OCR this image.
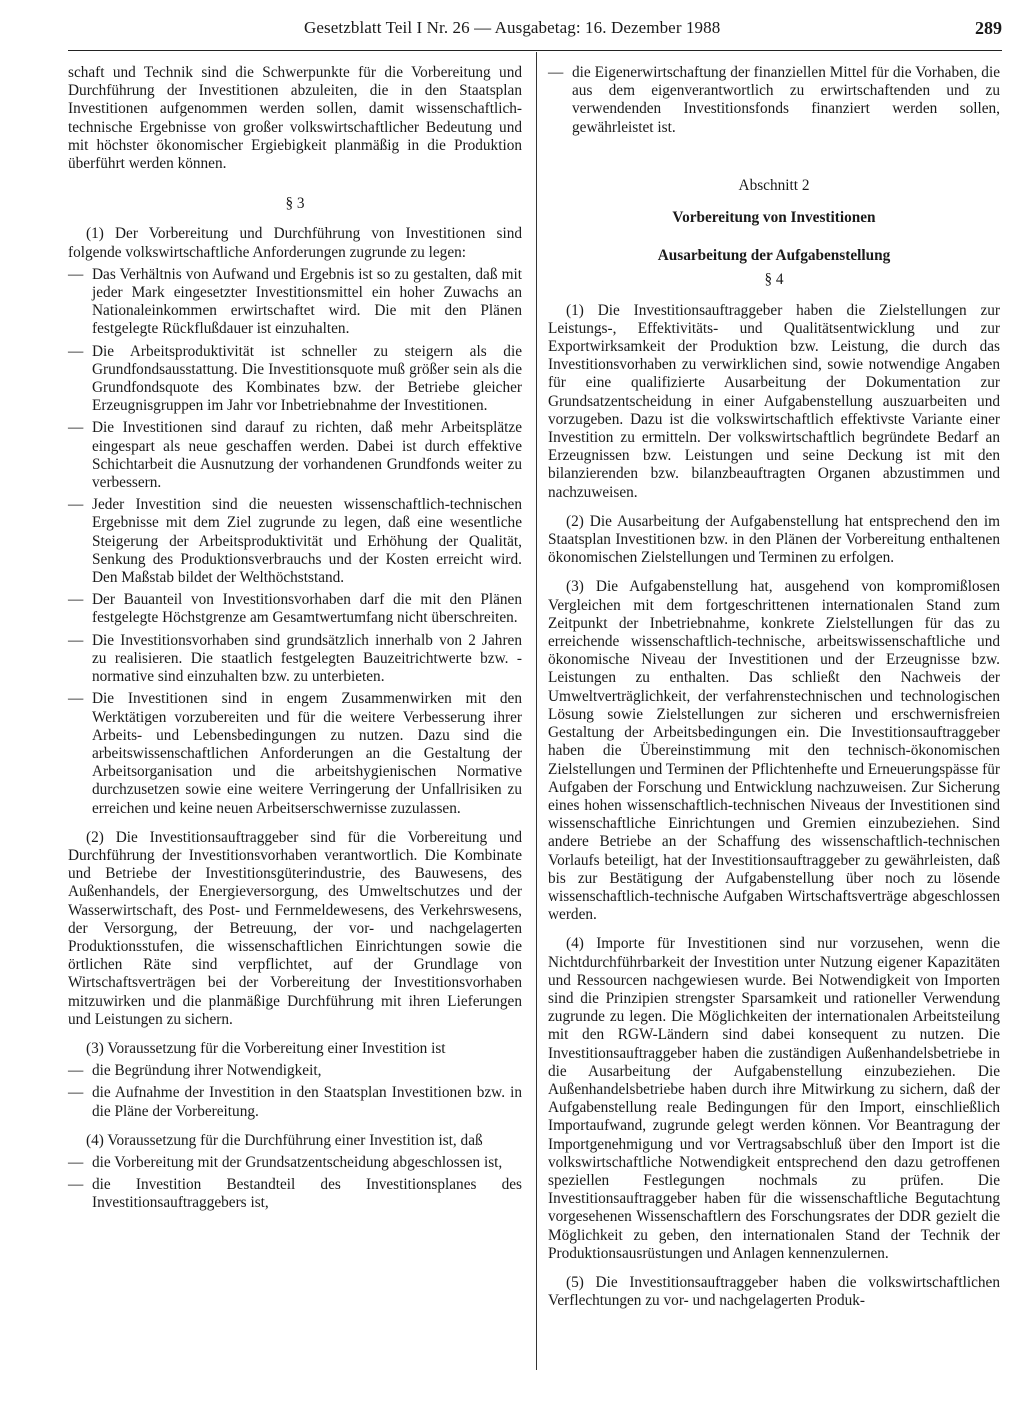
Gesetzblatt Teil I Nr. 26 — Ausgabetag: 16. Dezember 1988	289

schaft und Technik sind die Schwerpunkte für die Vorbereitung und Durchführung der Investitionen abzuleiten, die in den Staatsplan Investitionen aufgenommen werden sollen, damit wissenschaftlich-technische Ergebnisse von großer volkswirtschaftlicher Bedeutung und mit höchster ökonomischer Ergiebigkeit planmäßig in die Produktion überführt werden können.

§ 3

(1) Der Vorbereitung und Durchführung von Investitionen sind folgende volkswirtschaftliche Anforderungen zugrunde zu legen:

— Das Verhältnis von Aufwand und Ergebnis ist so zu gestalten, daß mit jeder Mark eingesetzter Investitionsmittel ein hoher Zuwachs an Nationaleinkommen erwirtschaftet wird. Die mit den Plänen festgelegte Rückflußdauer ist einzuhalten.
— Die Arbeitsproduktivität ist schneller zu steigern als die Grundfondsausstattung. Die Investitionsquote muß größer sein als die Grundfondsquote des Kombinates bzw. der Betriebe gleicher Erzeugnisgruppen im Jahr vor Inbetriebnahme der Investitionen.
— Die Investitionen sind darauf zu richten, daß mehr Arbeitsplätze eingespart als neue geschaffen werden. Dabei ist durch effektive Schichtarbeit die Ausnutzung der vorhandenen Grundfonds weiter zu verbessern.
— Jeder Investition sind die neuesten wissenschaftlich-technischen Ergebnisse mit dem Ziel zugrunde zu legen, daß eine wesentliche Steigerung der Arbeitsproduktivität und Erhöhung der Qualität, Senkung des Produktionsverbrauchs und der Kosten erreicht wird. Den Maßstab bildet der Welthöchststand.
— Der Bauanteil von Investitionsvorhaben darf die mit den Plänen festgelegte Höchstgrenze am Gesamtwertumfang nicht überschreiten.
— Die Investitionsvorhaben sind grundsätzlich innerhalb von 2 Jahren zu realisieren. Die staatlich festgelegten Bauzeitrichtwerte bzw. -normative sind einzuhalten bzw. zu unterbieten.
— Die Investitionen sind in engem Zusammenwirken mit den Werktätigen vorzubereiten und für die weitere Verbesserung ihrer Arbeits- und Lebensbedingungen zu nutzen. Dazu sind die arbeitswissenschaftlichen Anforderungen an die Gestaltung der Arbeitsorganisation und die arbeitshygienischen Normative durchzusetzen sowie eine weitere Verringerung der Unfallrisiken zu erreichen und keine neuen Arbeitserschwernisse zuzulassen.

(2) Die Investitionsauftraggeber sind für die Vorbereitung und Durchführung der Investitionsvorhaben verantwortlich. Die Kombinate und Betriebe der Investitionsgüterindustrie, des Bauwesens, des Außenhandels, der Energieversorgung, des Umweltschutzes und der Wasserwirtschaft, des Post- und Fernmeldewesens, des Verkehrswesens, der Versorgung, der Betreuung, der vor- und nachgelagerten Produktionsstufen, die wissenschaftlichen Einrichtungen sowie die örtlichen Räte sind verpflichtet, auf der Grundlage von Wirtschaftsverträgen bei der Vorbereitung der Investitionsvorhaben mitzuwirken und die planmäßige Durchführung mit ihren Lieferungen und Leistungen zu sichern.

(3) Voraussetzung für die Vorbereitung einer Investition ist

— die Begründung ihrer Notwendigkeit,
— die Aufnahme der Investition in den Staatsplan Investitionen bzw. in die Pläne der Vorbereitung.

(4) Voraussetzung für die Durchführung einer Investition ist, daß

— die Vorbereitung mit der Grundsatzentscheidung abgeschlossen ist,
— die Investition Bestandteil des Investitionsplanes des Investitionsauftraggebers ist,
— die Eigenerwirtschaftung der finanziellen Mittel für die Vorhaben, die aus dem eigenverantwortlich zu erwirtschaftenden und zu verwendenden Investitionsfonds finanziert werden sollen, gewährleistet ist.

Abschnitt 2

Vorbereitung von Investitionen

Ausarbeitung der Aufgabenstellung

§ 4

(1) Die Investitionsauftraggeber haben die Zielstellungen zur Leistungs-, Effektivitäts- und Qualitätsentwicklung und zur Exportwirksamkeit der Produktion bzw. Leistung, die durch das Investitionsvorhaben zu verwirklichen sind, sowie notwendige Angaben für eine qualifizierte Ausarbeitung der Dokumentation zur Grundsatzentscheidung in einer Aufgabenstellung auszuarbeiten und vorzugeben. Dazu ist die volkswirtschaftlich effektivste Variante einer Investition zu ermitteln. Der volkswirtschaftlich begründete Bedarf an Erzeugnissen bzw. Leistungen und seine Deckung ist mit den bilanzierenden bzw. bilanzbeauftragten Organen abzustimmen und nachzuweisen.

(2) Die Ausarbeitung der Aufgabenstellung hat entsprechend den im Staatsplan Investitionen bzw. in den Plänen der Vorbereitung enthaltenen ökonomischen Zielstellungen und Terminen zu erfolgen.

(3) Die Aufgabenstellung hat, ausgehend von kompromißlosen Vergleichen mit dem fortgeschrittenen internationalen Stand zum Zeitpunkt der Inbetriebnahme, konkrete Zielstellungen für das zu erreichende wissenschaftlich-technische, arbeitswissenschaftliche und ökonomische Niveau der Investitionen und der Erzeugnisse bzw. Leistungen zu enthalten. Das schließt den Nachweis der Umweltverträglichkeit, der verfahrenstechnischen und technologischen Lösung sowie Zielstellungen zur sicheren und erschwernisfreien Gestaltung der Arbeitsbedingungen ein. Die Investitionsauftraggeber haben die Übereinstimmung mit den technisch-ökonomischen Zielstellungen und Terminen der Pflichtenhefte und Erneuerungspässe für Aufgaben der Forschung und Entwicklung nachzuweisen. Zur Sicherung eines hohen wissenschaftlich-technischen Niveaus der Investitionen sind wissenschaftliche Einrichtungen und Gremien einzubeziehen. Sind andere Betriebe an der Schaffung des wissenschaftlich-technischen Vorlaufs beteiligt, hat der Investitionsauftraggeber zu gewährleisten, daß bis zur Bestätigung der Aufgabenstellung über noch zu lösende wissenschaftlich-technische Aufgaben Wirtschaftsverträge abgeschlossen werden.

(4) Importe für Investitionen sind nur vorzusehen, wenn die Nichtdurchführbarkeit der Investition unter Nutzung eigener Kapazitäten und Ressourcen nachgewiesen wurde. Bei Notwendigkeit von Importen sind die Prinzipien strengster Sparsamkeit und rationeller Verwendung zugrunde zu legen. Die Möglichkeiten der internationalen Arbeitsteilung mit den RGW-Ländern sind dabei konsequent zu nutzen. Die Investitionsauftraggeber haben die zuständigen Außenhandelsbetriebe in die Ausarbeitung der Aufgabenstellung einzubeziehen. Die Außenhandelsbetriebe haben durch ihre Mitwirkung zu sichern, daß der Aufgabenstellung reale Bedingungen für den Import, einschließlich Importaufwand, zugrunde gelegt werden können. Vor Beantragung der Importgenehmigung und vor Vertragsabschluß über den Import ist die volkswirtschaftliche Notwendigkeit entsprechend den dazu getroffenen speziellen Festlegungen nochmals zu prüfen. Die Investitionsauftraggeber haben für die wissenschaftliche Begutachtung vorgesehenen Wissenschaftlern des Forschungsrates der DDR gezielt die Möglichkeit zu geben, den internationalen Stand der Technik der Produktionsausrüstungen und Anlagen kennenzulernen.

(5) Die Investitionsauftraggeber haben die volkswirtschaftlichen Verflechtungen zu vor- und nachgelagerten Produk-
